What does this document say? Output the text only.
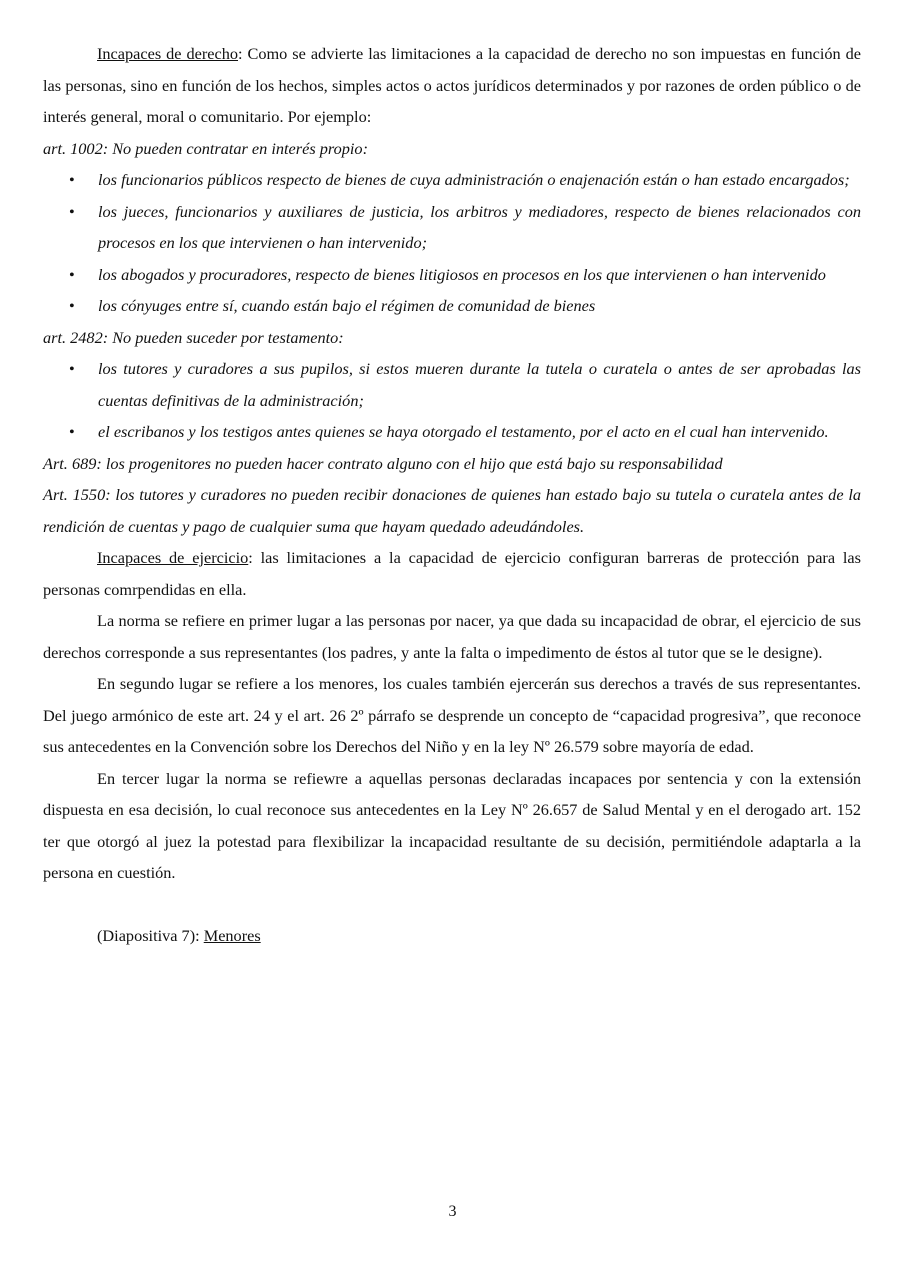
Incapaces de derecho: Como se advierte las limitaciones a la capacidad de derecho no son impuestas en función de las personas, sino en función de los hechos, simples actos o actos jurídicos determinados y por razones de orden público o de interés general, moral o comunitario. Por ejemplo:

art. 1002: No pueden contratar en interés propio:

• los funcionarios públicos respecto de bienes de cuya administración o enajenación están o han estado encargados;
• los jueces, funcionarios y auxiliares de justicia, los arbitros y mediadores, respecto de bienes relacionados con procesos en los que intervienen o han intervenido;
• los abogados y procuradores, respecto de bienes litigiosos en procesos en los que intervienen o han intervenido
• los cónyuges entre sí, cuando están bajo el régimen de comunidad de bienes

art. 2482: No pueden suceder por testamento:

• los tutores y curadores a sus pupilos, si estos mueren durante la tutela o curatela o antes de ser aprobadas las cuentas definitivas de la administración;
• el escribanos y los testigos antes quienes se haya otorgado el testamento, por el acto en el cual han intervenido.

Art. 689: los progenitores no pueden hacer contrato alguno con el hijo que está bajo su responsabilidad

Art. 1550: los tutores y curadores no pueden recibir donaciones de quienes han estado bajo su tutela o curatela antes de la rendición de cuentas y pago de cualquier suma que hayam quedado adeudándoles.

Incapaces de ejercicio: las limitaciones a la capacidad de ejercicio configuran barreras de protección para las personas comrpendidas en ella.

La norma se refiere en primer lugar a las personas por nacer, ya que dada su incapacidad de obrar, el ejercicio de sus derechos corresponde a sus representantes (los padres, y ante la falta o impedimento de éstos al tutor que se le designe).

En segundo lugar se refiere a los menores, los cuales también ejercerán sus derechos a través de sus representantes. Del juego armónico de este art. 24 y el art. 26 2º párrafo se desprende un concepto de “capacidad progresiva”, que reconoce sus antecedentes en la Convención sobre los Derechos del Niño y en la ley Nº 26.579 sobre mayoría de edad.

En tercer lugar la norma se refiewre a aquellas personas declaradas incapaces por sentencia y con la extensión dispuesta en esa decisión, lo cual reconoce sus antecedentes en la Ley Nº 26.657 de Salud Mental y en el derogado art. 152 ter que otorgó al juez la potestad para flexibilizar la incapacidad resultante de su decisión, permitiéndole adaptarla a la persona en cuestión.

(Diapositiva 7): Menores

3
